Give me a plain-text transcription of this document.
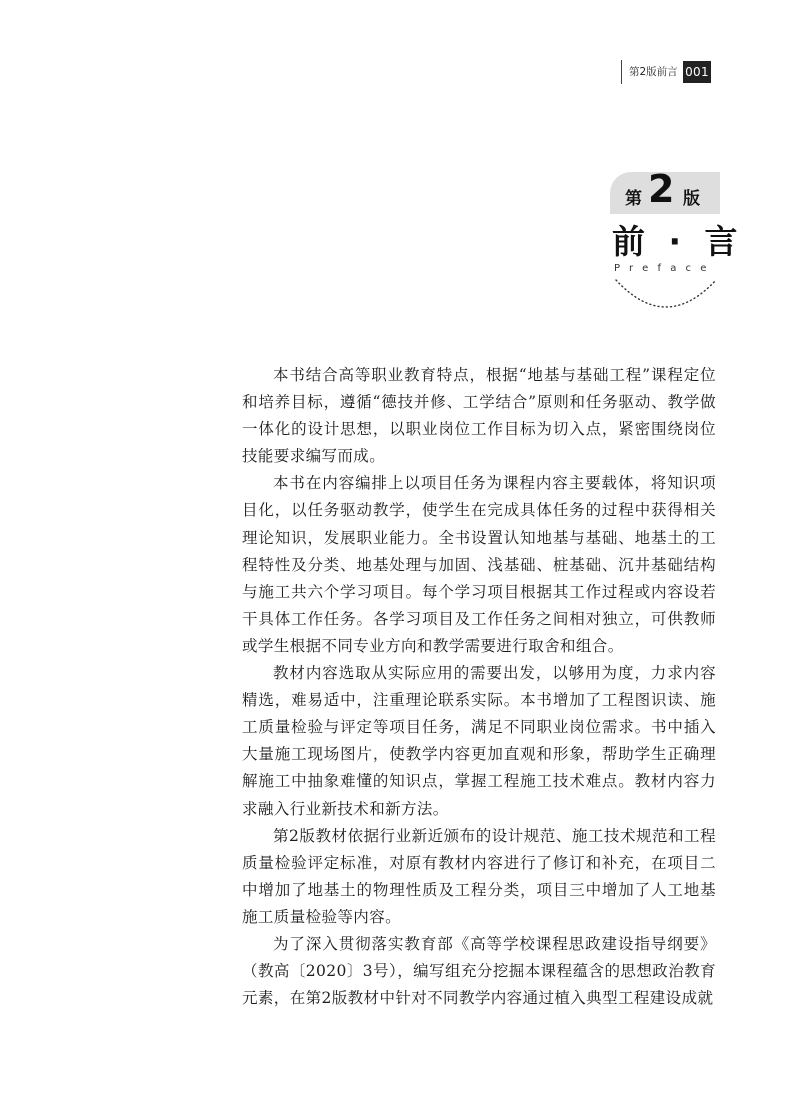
第2版前言 001
第 2 版
前 · 言
Preface

本书结合高等职业教育特点，根据“地基与基础工程”课程定位和培养目标，遵循“德技并修、工学结合”原则和任务驱动、教学做一体化的设计思想，以职业岗位工作目标为切入点，紧密围绕岗位技能要求编写而成。

本书在内容编排上以项目任务为课程内容主要载体，将知识项目化，以任务驱动教学，使学生在完成具体任务的过程中获得相关理论知识，发展职业能力。全书设置认知地基与基础、地基土的工程特性及分类、地基处理与加固、浅基础、桩基础、沉井基础结构与施工共六个学习项目。每个学习项目根据其工作过程或内容设若干具体工作任务。各学习项目及工作任务之间相对独立，可供教师或学生根据不同专业方向和教学需要进行取舍和组合。

教材内容选取从实际应用的需要出发，以够用为度，力求内容精选，难易适中，注重理论联系实际。本书增加了工程图识读、施工质量检验与评定等项目任务，满足不同职业岗位需求。书中插入大量施工现场图片，使教学内容更加直观和形象，帮助学生正确理解施工中抽象难懂的知识点，掌握工程施工技术难点。教材内容力求融入行业新技术和新方法。

第2版教材依据行业新近颁布的设计规范、施工技术规范和工程质量检验评定标准，对原有教材内容进行了修订和补充，在项目二中增加了地基土的物理性质及工程分类，项目三中增加了人工地基施工质量检验等内容。

为了深入贯彻落实教育部《高等学校课程思政建设指导纲要》（教高〔2020〕3号），编写组充分挖掘本课程蕴含的思想政治教育元素，在第2版教材中针对不同教学内容通过植入典型工程建设成就
